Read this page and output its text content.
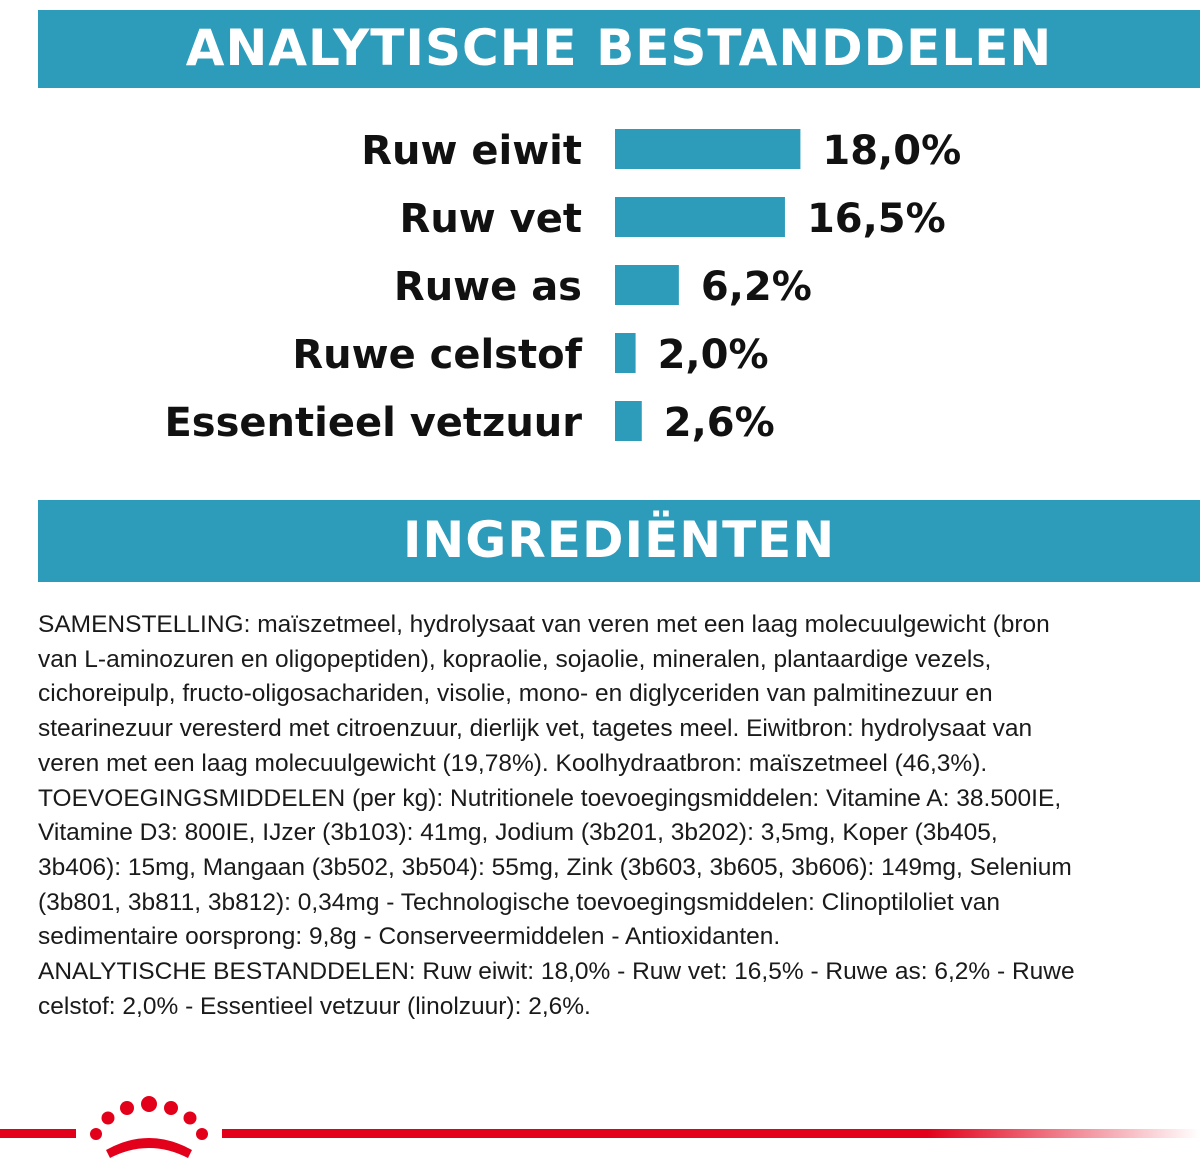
ANALYTISCHE BESTANDDELEN
Ruw eiwit	18,0%
Ruw vet	16,5%
Ruwe as	6,2%
Ruwe celstof 2,0%
Essentieel vetzuur 2,6%
INGREDIËNTEN

SAMENSTELLING: maïszetmeel, hydrolysaat van veren met een laag molecuulgewicht (bron
van L-aminozuren en oligopeptiden), kopraolie, sojaolie, mineralen, plantaardige vezels,
cichoreipulp, fructo-oligosachariden, visolie, mono- en diglyceriden van palmitinezuur en
stearinezuur veresterd met citroenzuur, dierlijk vet, tagetes meel. Eiwitbron: hydrolysaat van
veren met een laag molecuulgewicht (19,78%). Koolhydraatbron: maïszetmeel (46,3%).
TOEVOEGINGSMIDDELEN (per kg): Nutritionele toevoegingsmiddelen: Vitamine A: 38.500IE,
Vitamine D3: 800IE, IJzer (3b103): 41mg, Jodium (3b201, 3b202): 3,5mg, Koper (3b405,
3b406): 15mg, Mangaan (3b502, 3b504): 55mg, Zink (3b603, 3b605, 3b606): 149mg, Selenium
(3b801, 3b811, 3b812): 0,34mg - Technologische toevoegingsmiddelen: Clinoptiloliet van
sedimentaire oorsprong: 9,8g - Conserveermiddelen - Antioxidanten.
ANALYTISCHE BESTANDDELEN: Ruw eiwit: 18,0% - Ruw vet: 16,5% - Ruwe as: 6,2% - Ruwe
celstof: 2,0% - Essentieel vetzuur (linolzuur): 2,6%.
